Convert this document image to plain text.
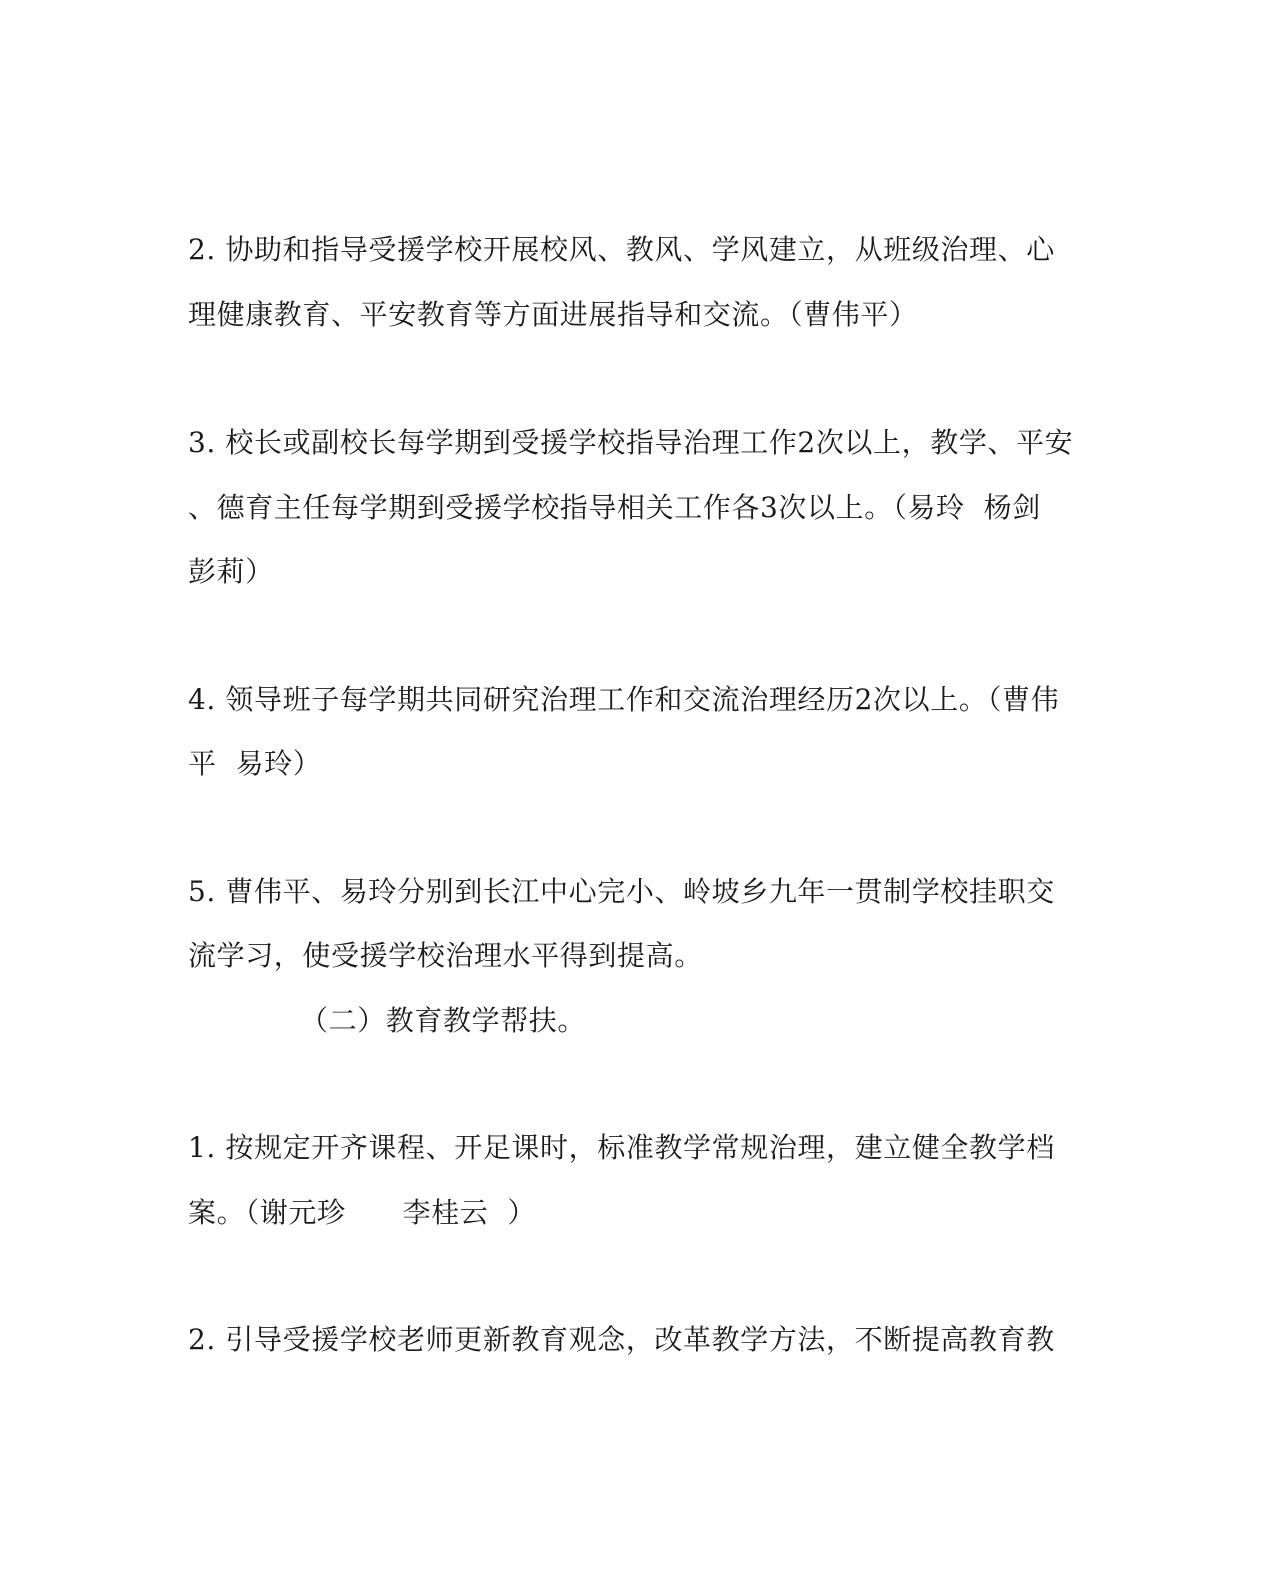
2. 协助和指导受援学校开展校风、教风、学风建立，从班级治理、心

理健康教育、平安教育等方面进展指导和交流。（曹伟平）

3. 校长或副校长每学期到受援学校指导治理工作2次以上，教学、平安

、德育主任每学期到受援学校指导相关工作各3次以上。（易玲  杨剑

彭莉）

4. 领导班子每学期共同研究治理工作和交流治理经历2次以上。（曹伟

平  易玲）

5. 曹伟平、易玲分别到长江中心完小、岭坡乡九年一贯制学校挂职交

流学习，使受援学校治理水平得到提高。

（二）教育教学帮扶。

1. 按规定开齐课程、开足课时，标准教学常规治理，建立健全教学档

案。（谢元珍      李桂云  ）

2. 引导受援学校老师更新教育观念，改革教学方法，不断提高教育教
